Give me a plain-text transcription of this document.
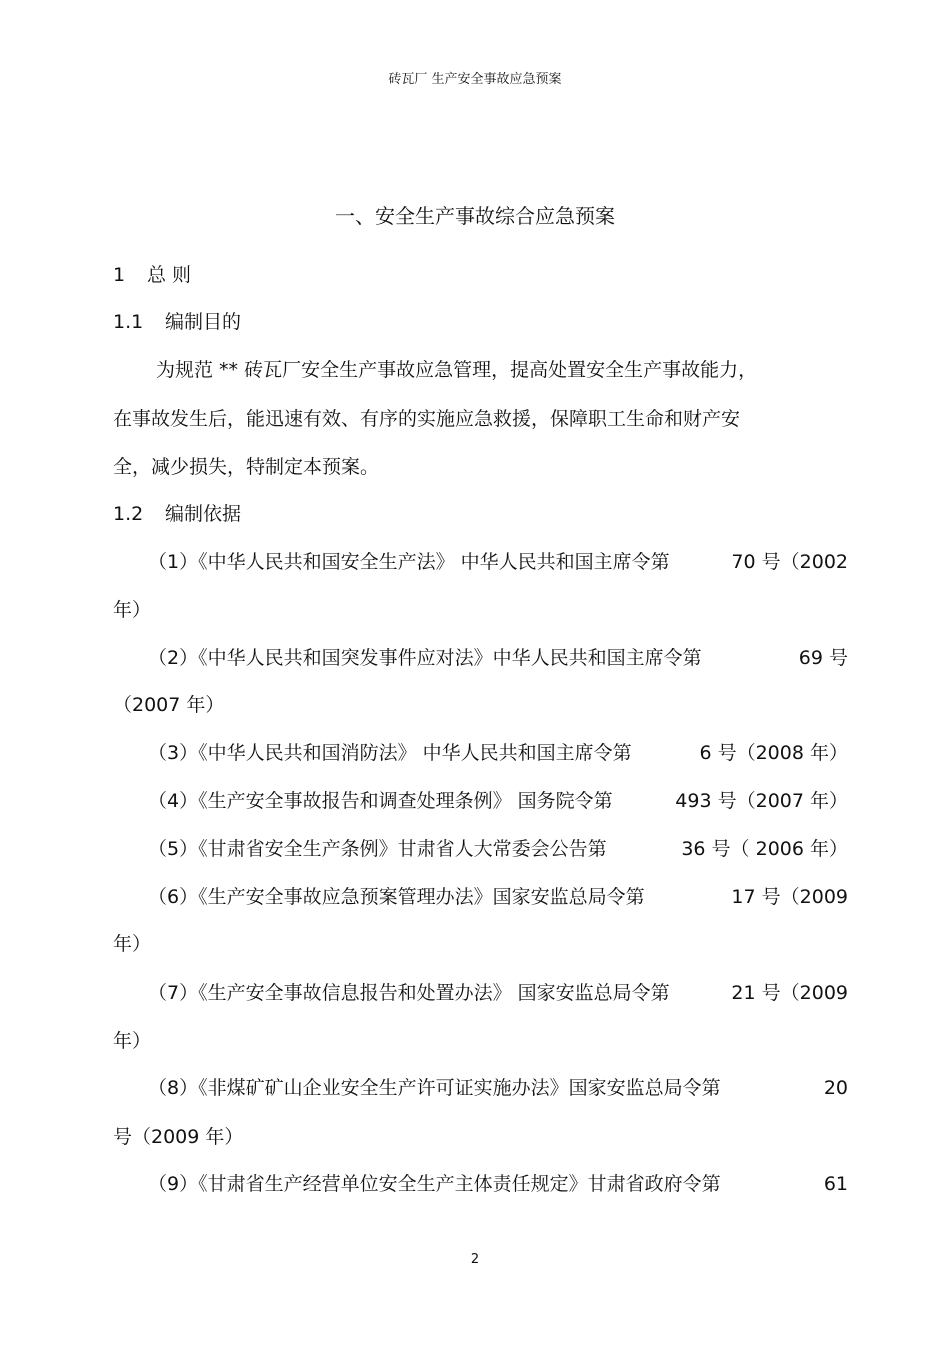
砖瓦厂 生产安全事故应急预案
一、安全生产事故综合应急预案
1 总 则
1.1 编制目的
为规范 ** 砖瓦厂安全生产事故应急管理，提高处置安全生产事故能力，
在事故发生后，能迅速有效、有序的实施应急救援，保障职工生命和财产安
全，减少损失，特制定本预案。
1.2 编制依据
（1）《中华人民共和国安全生产法》 中华人民共和国主席令第	70 号（2002
年）
（2）《中华人民共和国突发事件应对法》中华人民共和国主席令第	69 号
（2007 年）
（3）《中华人民共和国消防法》 中华人民共和国主席令第	6 号（2008 年）
（4）《生产安全事故报告和调查处理条例》 国务院令第	493 号（2007 年）
（5）《甘肃省安全生产条例》甘肃省人大常委会公告第	36 号（ 2006 年）
（6）《生产安全事故应急预案管理办法》国家安监总局令第	17 号（2009
年）
（7）《生产安全事故信息报告和处置办法》 国家安监总局令第	21 号（2009
年）
（8）《非煤矿矿山企业安全生产许可证实施办法》国家安监总局令第	20
号（2009 年）
（9）《甘肃省生产经营单位安全生产主体责任规定》甘肃省政府令第	61
2
